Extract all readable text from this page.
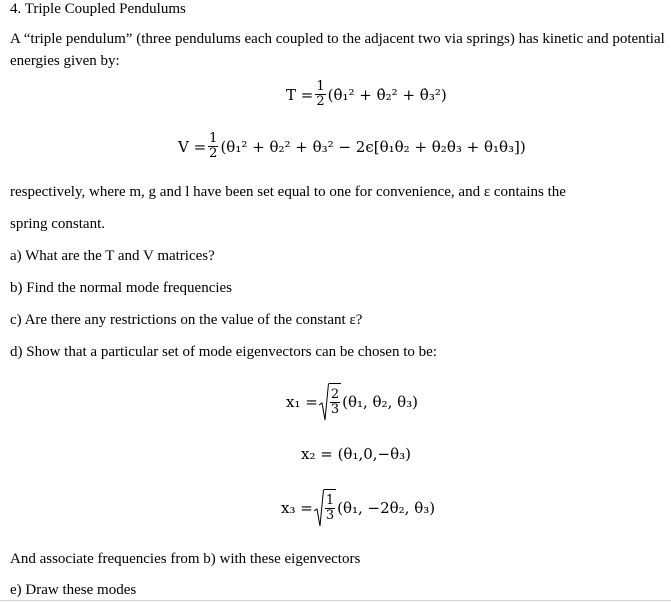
4. Triple Coupled Pendulums
A “triple pendulum” (three pendulums each coupled to the adjacent two via springs) has kinetic and potential energies given by:
$T = \frac{1}{2}$ (θ̇₁² + θ̇₂² + θ̇₃²)
$V = \frac{1}{2} (\theta_1^2 + \theta_2^2 + \theta_3^2 - 2\epsilon[\theta_1\theta_2 + \theta_2\theta_3 + \theta_1\theta_3])$
respectively, where m, g and l have been set equal to one for convenience, and ε contains the
spring constant.
a) What are the T and V matrices?
b) Find the normal mode frequencies
c) Are there any restrictions on the value of the constant ε?
d) Show that a particular set of mode eigenvectors can be chosen to be:
$x_1 = \frac{2}{3} (\theta_1$, θ₂, θ₃)
x₂ = (θ₁,0,−θ₃)
$x_3 = \frac{1}{3} (\theta_1$, −2θ₂, θ₃)
And associate frequencies from b) with these eigenvectors
e) Draw these modes
